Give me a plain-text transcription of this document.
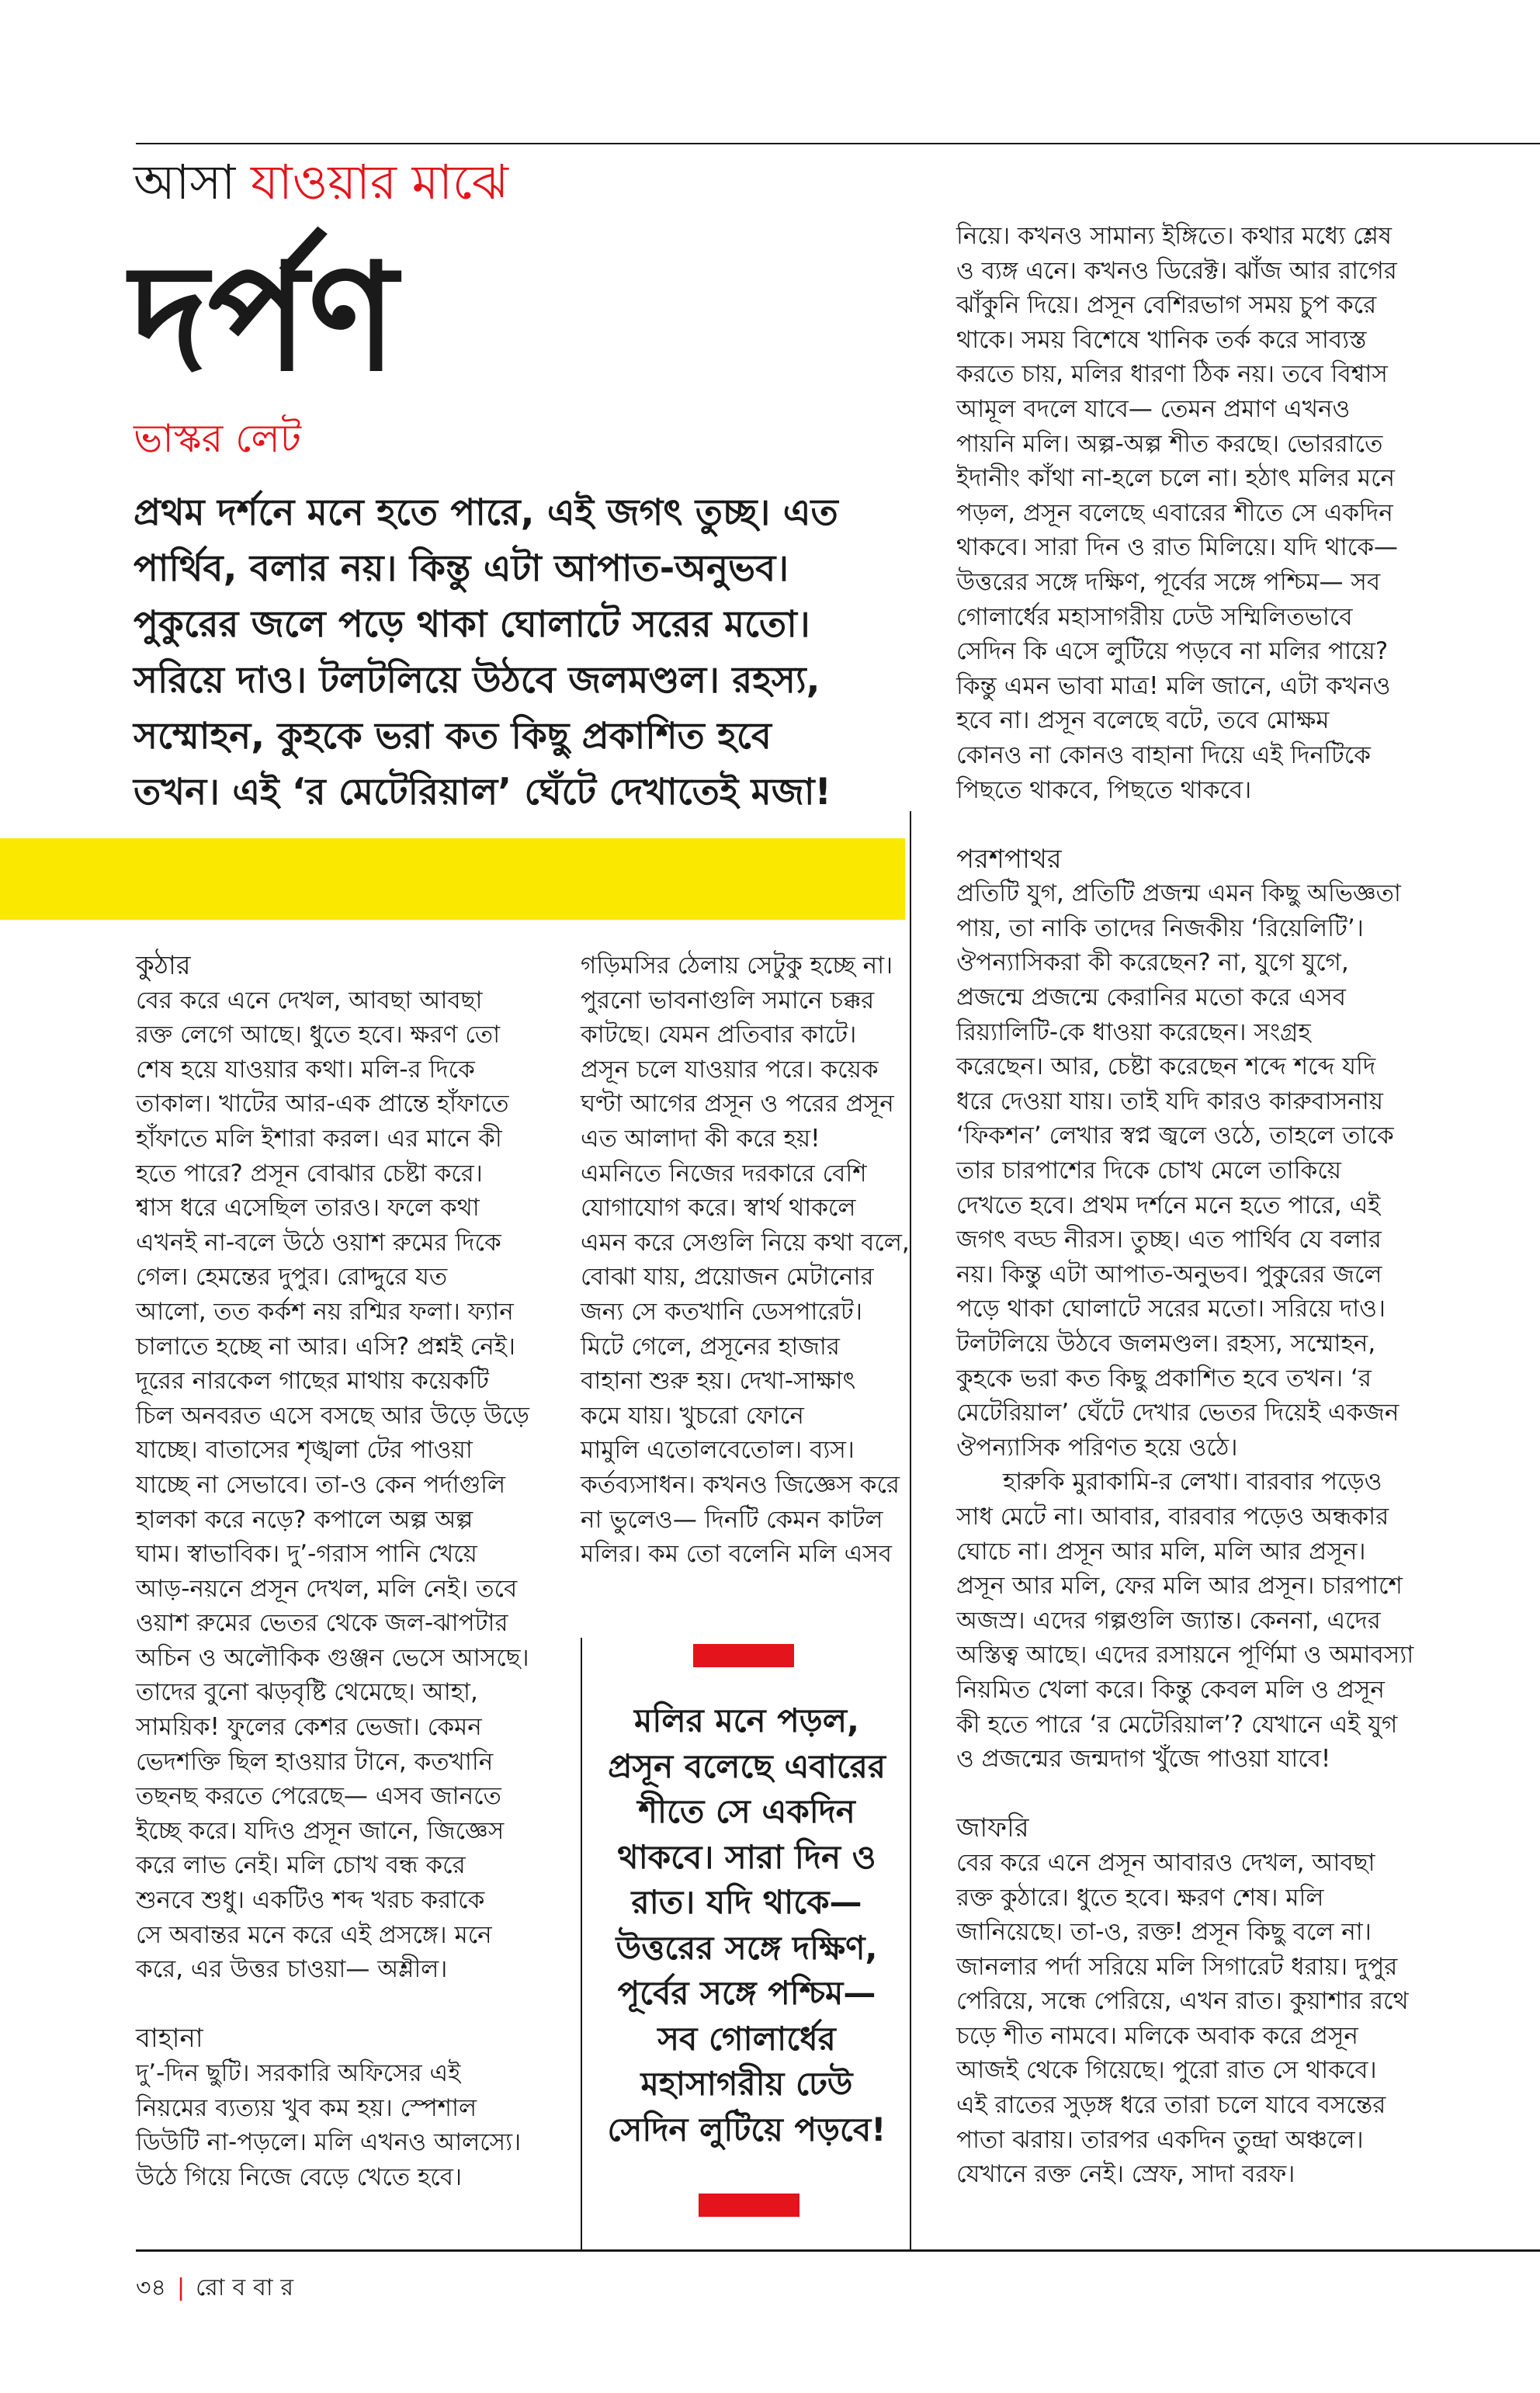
আসা যাওয়ার মাঝে
দর্পণ
ভাস্কর লেট
প্রথম দর্শনে মনে হতে পারে, এই জগৎ তুচ্ছ। এত
পার্থিব, বলার নয়। কিন্তু এটা আপাত-অনুভব।
পুকুরের জলে পড়ে থাকা ঘোলাটে সরের মতো।
সরিয়ে দাও। টলটলিয়ে উঠবে জলমণ্ডল। রহস্য,
সম্মোহন, কুহকে ভরা কত কিছু প্রকাশিত হবে
তখন। এই ‘র মেটেরিয়াল’ ঘেঁটে দেখাতেই মজা!
কুঠার
বের করে এনে দেখল, আবছা আবছা
রক্ত লেগে আছে। ধুতে হবে। ক্ষরণ তো
শেষ হয়ে যাওয়ার কথা। মলি-র দিকে
তাকাল। খাটের আর-এক প্রান্তে হাঁফাতে
হাঁফাতে মলি ইশারা করল। এর মানে কী
হতে পারে? প্রসূন বোঝার চেষ্টা করে।
শ্বাস ধরে এসেছিল তারও। ফলে কথা
এখনই না-বলে উঠে ওয়াশ রুমের দিকে
গেল। হেমন্তের দুপুর। রোদ্দুরে যত
আলো, তত কর্কশ নয় রশ্মির ফলা। ফ্যান
চালাতে হচ্ছে না আর। এসি? প্রশ্নই নেই।
দূরের নারকেল গাছের মাথায় কয়েকটি
চিল অনবরত এসে বসছে আর উড়ে উড়ে
যাচ্ছে। বাতাসের শৃঙ্খলা টের পাওয়া
যাচ্ছে না সেভাবে। তা-ও কেন পর্দাগুলি
হালকা করে নড়ে? কপালে অল্প অল্প
ঘাম। স্বাভাবিক। দু’-গরাস পানি খেয়ে
আড়-নয়নে প্রসূন দেখল, মলি নেই। তবে
ওয়াশ রুমের ভেতর থেকে জল-ঝাপটার
অচিন ও অলৌকিক গুঞ্জন ভেসে আসছে।
তাদের বুনো ঝড়বৃষ্টি থেমেছে। আহা,
সাময়িক! ফুলের কেশর ভেজা। কেমন
ভেদশক্তি ছিল হাওয়ার টানে, কতখানি
তছনছ করতে পেরেছে— এসব জানতে
ইচ্ছে করে। যদিও প্রসূন জানে, জিজ্ঞেস
করে লাভ নেই। মলি চোখ বন্ধ করে
শুনবে শুধু। একটিও শব্দ খরচ করাকে
সে অবান্তর মনে করে এই প্রসঙ্গে। মনে
করে, এর উত্তর চাওয়া— অশ্লীল।
বাহানা
দু’-দিন ছুটি। সরকারি অফিসের এই
নিয়মের ব্যত্যয় খুব কম হয়। স্পেশাল
ডিউটি না-পড়লে। মলি এখনও আলস্যে।
উঠে গিয়ে নিজে বেড়ে খেতে হবে।
গড়িমসির ঠেলায় সেটুকু হচ্ছে না।
পুরনো ভাবনাগুলি সমানে চক্কর
কাটছে। যেমন প্রতিবার কাটে।
প্রসূন চলে যাওয়ার পরে। কয়েক
ঘণ্টা আগের প্রসূন ও পরের প্রসূন
এত আলাদা কী করে হয়!
এমনিতে নিজের দরকারে বেশি
যোগাযোগ করে। স্বার্থ থাকলে
এমন করে সেগুলি নিয়ে কথা বলে,
বোঝা যায়, প্রয়োজন মেটানোর
জন্য সে কতখানি ডেসপারেট।
মিটে গেলে, প্রসূনের হাজার
বাহানা শুরু হয়। দেখা-সাক্ষাৎ
কমে যায়। খুচরো ফোনে
মামুলি এতোলবেতোল। ব্যস।
কর্তব্যসাধন। কখনও জিজ্ঞেস করে
না ভুলেও— দিনটি কেমন কাটল
মলির। কম তো বলেনি মলি এসব
মলির মনে পড়ল,
প্রসূন বলেছে এবারের
শীতে সে একদিন
থাকবে। সারা দিন ও
রাত। যদি থাকে—
উত্তরের সঙ্গে দক্ষিণ,
পূর্বের সঙ্গে পশ্চিম—
সব গোলার্ধের
মহাসাগরীয় ঢেউ
সেদিন লুটিয়ে পড়বে!
নিয়ে। কখনও সামান্য ইঙ্গিতে। কথার মধ্যে শ্লেষ
ও ব্যঙ্গ এনে। কখনও ডিরেক্ট। ঝাঁজ আর রাগের
ঝাঁকুনি দিয়ে। প্রসূন বেশিরভাগ সময় চুপ করে
থাকে। সময় বিশেষে খানিক তর্ক করে সাব্যস্ত
করতে চায়, মলির ধারণা ঠিক নয়। তবে বিশ্বাস
আমূল বদলে যাবে— তেমন প্রমাণ এখনও
পায়নি মলি। অল্প-অল্প শীত করছে। ভোররাতে
ইদানীং কাঁথা না-হলে চলে না। হঠাৎ মলির মনে
পড়ল, প্রসূন বলেছে এবারের শীতে সে একদিন
থাকবে। সারা দিন ও রাত মিলিয়ে। যদি থাকে—
উত্তরের সঙ্গে দক্ষিণ, পূর্বের সঙ্গে পশ্চিম— সব
গোলার্ধের মহাসাগরীয় ঢেউ সম্মিলিতভাবে
সেদিন কি এসে লুটিয়ে পড়বে না মলির পায়ে?
কিন্তু এমন ভাবা মাত্র! মলি জানে, এটা কখনও
হবে না। প্রসূন বলেছে বটে, তবে মোক্ষম
কোনও না কোনও বাহানা দিয়ে এই দিনটিকে
পিছতে থাকবে, পিছতে থাকবে।
পরশপাথর
প্রতিটি যুগ, প্রতিটি প্রজন্ম এমন কিছু অভিজ্ঞতা
পায়, তা নাকি তাদের নিজকীয় ‘রিয়েলিটি’।
ঔপন্যাসিকরা কী করেছেন? না, যুগে যুগে,
প্রজন্মে প্রজন্মে কেরানির মতো করে এসব
রিয়্যালিটি-কে ধাওয়া করেছেন। সংগ্রহ
করেছেন। আর, চেষ্টা করেছেন শব্দে শব্দে যদি
ধরে দেওয়া যায়। তাই যদি কারও কারুবাসনায়
‘ফিকশন’ লেখার স্বপ্ন জ্বলে ওঠে, তাহলে তাকে
তার চারপাশের দিকে চোখ মেলে তাকিয়ে
দেখতে হবে। প্রথম দর্শনে মনে হতে পারে, এই
জগৎ বড্ড নীরস। তুচ্ছ। এত পার্থিব যে বলার
নয়। কিন্তু এটা আপাত-অনুভব। পুকুরের জলে
পড়ে থাকা ঘোলাটে সরের মতো। সরিয়ে দাও।
টলটলিয়ে উঠবে জলমণ্ডল। রহস্য, সম্মোহন,
কুহকে ভরা কত কিছু প্রকাশিত হবে তখন। ‘র
মেটেরিয়াল’ ঘেঁটে দেখার ভেতর দিয়েই একজন
ঔপন্যাসিক পরিণত হয়ে ওঠে।
হারুকি মুরাকামি-র লেখা। বারবার পড়েও
সাধ মেটে না। আবার, বারবার পড়েও অন্ধকার
ঘোচে না। প্রসূন আর মলি, মলি আর প্রসূন।
প্রসূন আর মলি, ফের মলি আর প্রসূন। চারপাশে
অজস্র। এদের গল্পগুলি জ্যান্ত। কেননা, এদের
অস্তিত্ব আছে। এদের রসায়নে পূর্ণিমা ও অমাবস্যা
নিয়মিত খেলা করে। কিন্তু কেবল মলি ও প্রসূন
কী হতে পারে ‘র মেটেরিয়াল’? যেখানে এই যুগ
ও প্রজন্মের জন্মদাগ খুঁজে পাওয়া যাবে!
জাফরি
বের করে এনে প্রসূন আবারও দেখল, আবছা
রক্ত কুঠারে। ধুতে হবে। ক্ষরণ শেষ। মলি
জানিয়েছে। তা-ও, রক্ত! প্রসূন কিছু বলে না।
জানলার পর্দা সরিয়ে মলি সিগারেট ধরায়। দুপুর
পেরিয়ে, সন্ধে পেরিয়ে, এখন রাত। কুয়াশার রথে
চড়ে শীত নামবে। মলিকে অবাক করে প্রসূন
আজই থেকে গিয়েছে। পুরো রাত সে থাকবে।
এই রাতের সুড়ঙ্গ ধরে তারা চলে যাবে বসন্তের
পাতা ঝরায়। তারপর একদিন তুন্দ্রা অঞ্চলে।
যেখানে রক্ত নেই। স্রেফ, সাদা বরফ।
৩৪ | রোববার
